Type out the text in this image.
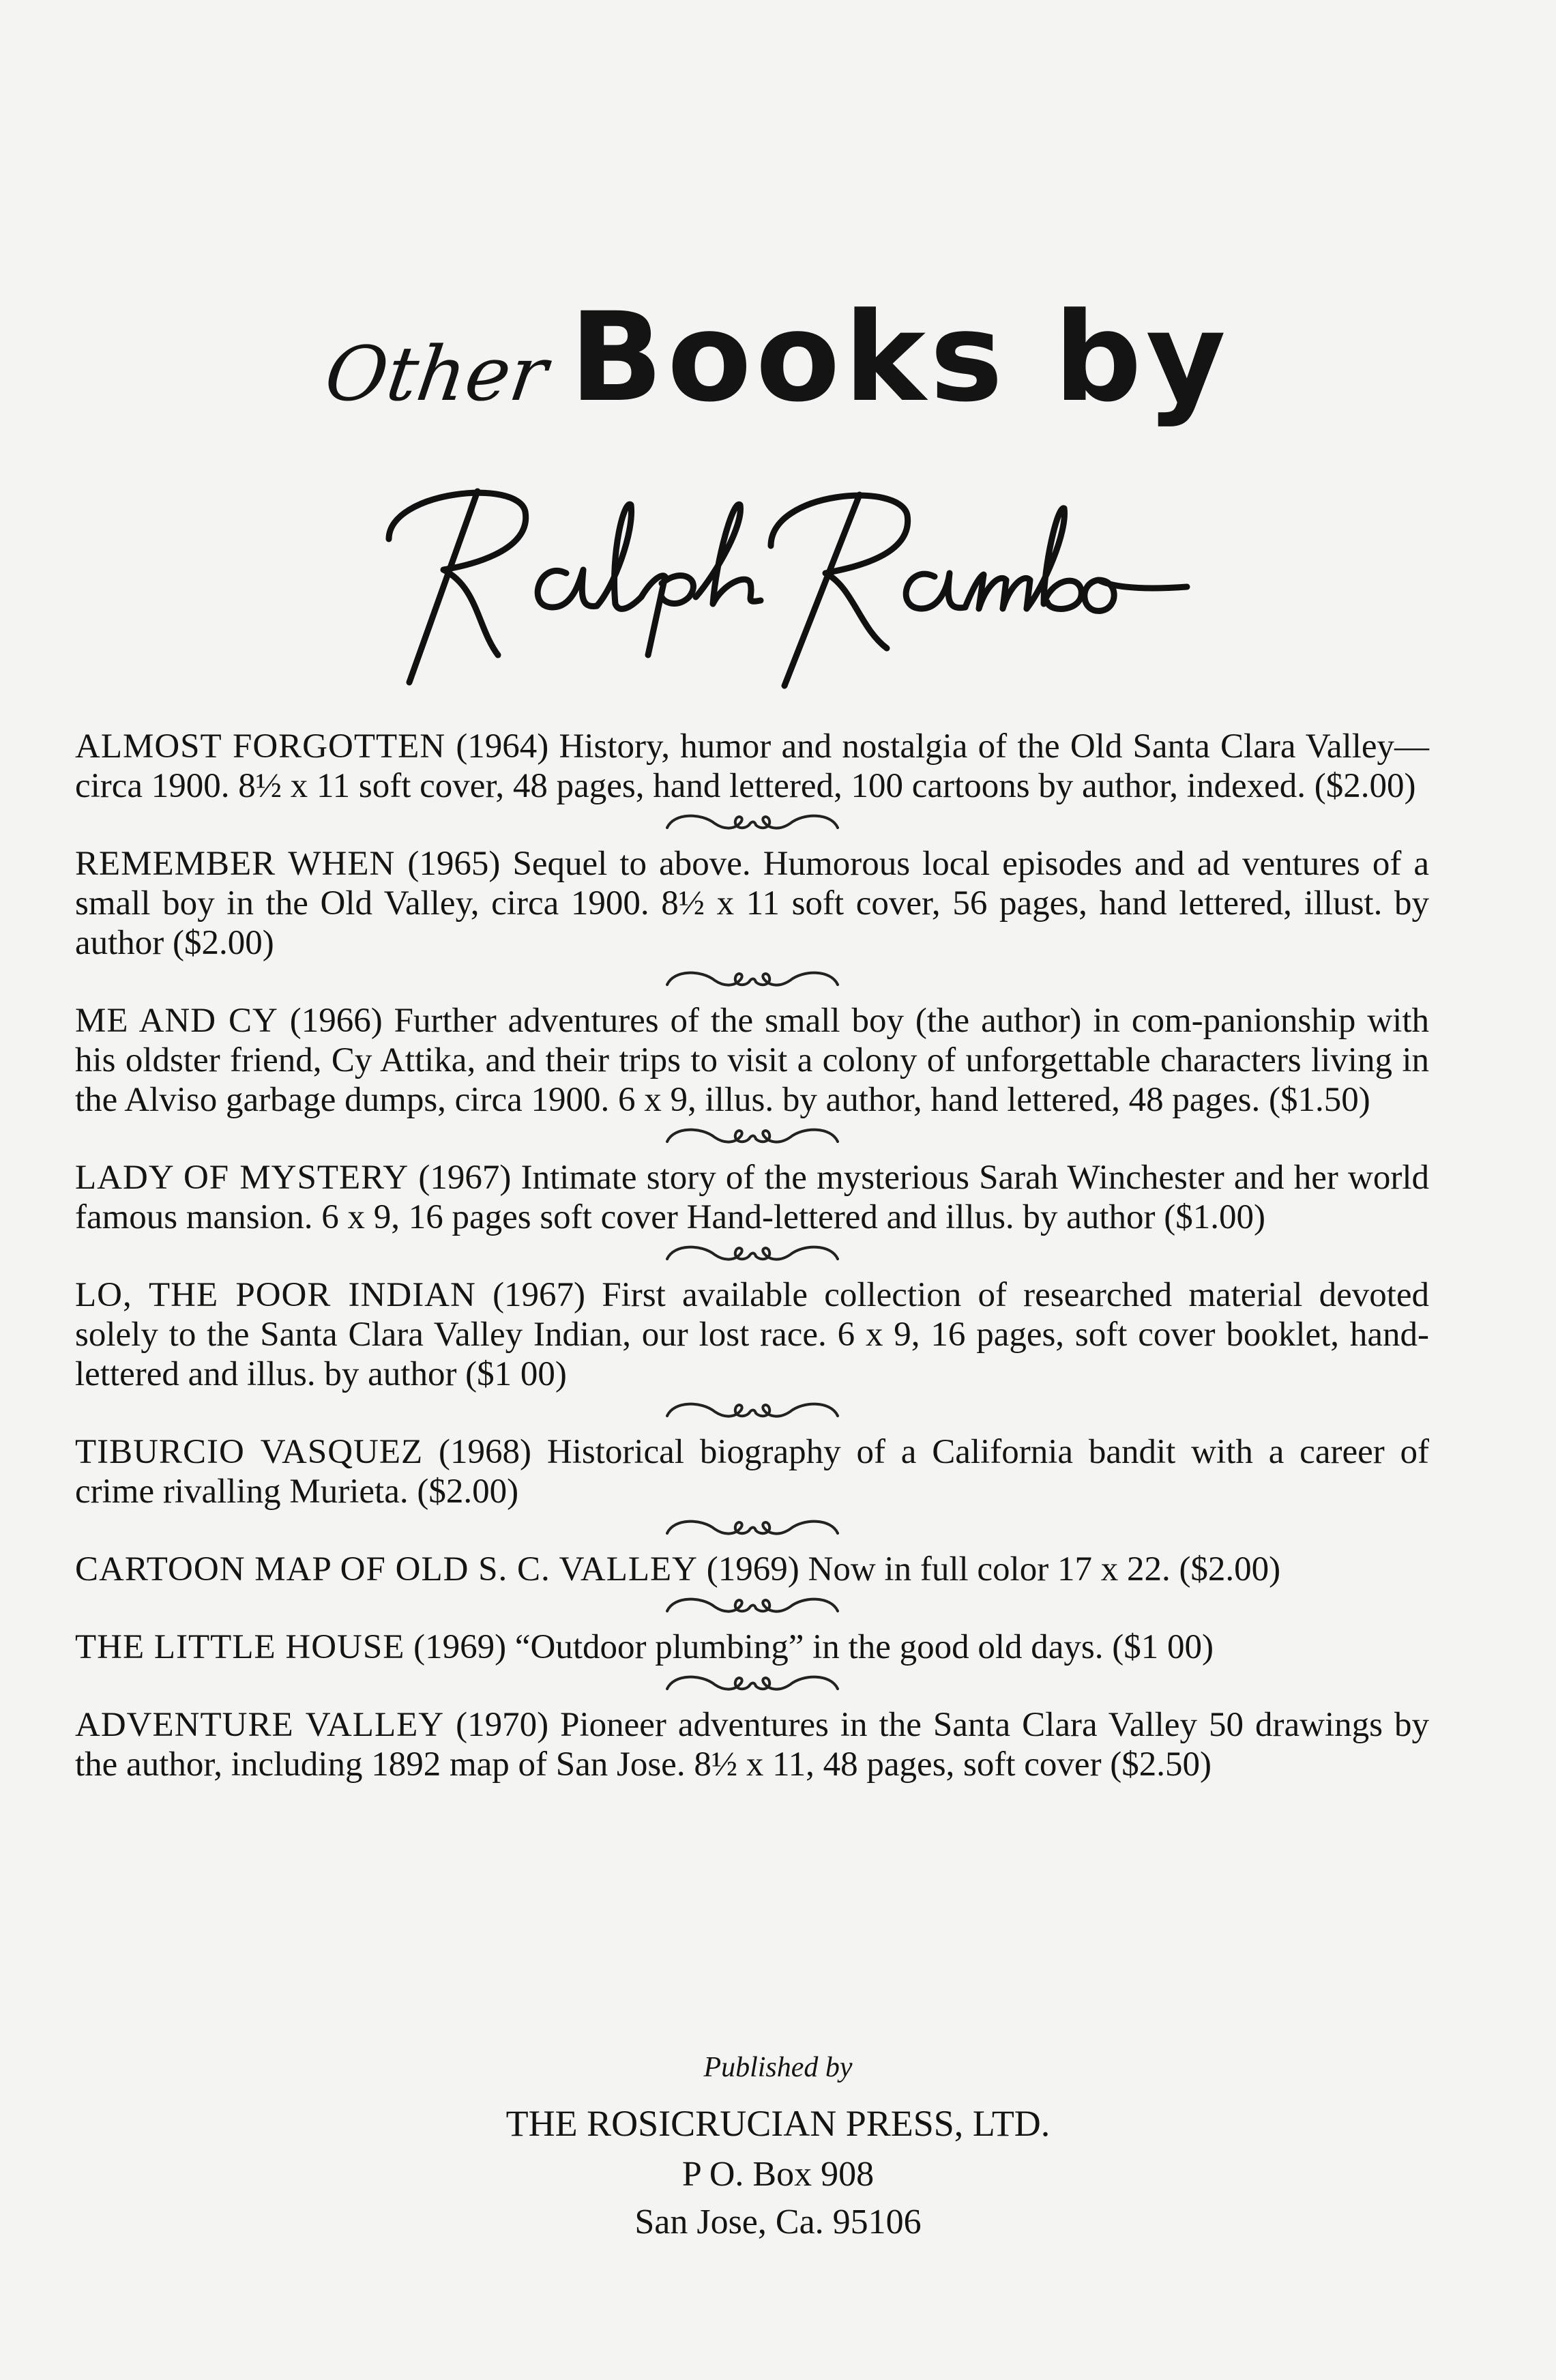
Other Books by
ALMOST FORGOTTEN (1964) History, humor and nostalgia of the Old Santa Clara Valley—circa 1900. 8½ x 11 soft cover, 48 pages, hand lettered, 100 cartoons by author, indexed. ($2.00)
REMEMBER WHEN (1965) Sequel to above. Humorous local episodes and ad ventures of a small boy in the Old Valley, circa 1900. 8½ x 11 soft cover, 56 pages, hand lettered, illust. by author ($2.00)
ME AND CY (1966) Further adventures of the small boy (the author) in com-panionship with his oldster friend, Cy Attika, and their trips to visit a colony of unforgettable characters living in the Alviso garbage dumps, circa 1900. 6 x 9, illus. by author, hand lettered, 48 pages. ($1.50)
LADY OF MYSTERY (1967) Intimate story of the mysterious Sarah Winchester and her world famous mansion. 6 x 9, 16 pages soft cover Hand-lettered and illus. by author ($1.00)
LO, THE POOR INDIAN (1967) First available collection of researched material devoted solely to the Santa Clara Valley Indian, our lost race. 6 x 9, 16 pages, soft cover booklet, hand-lettered and illus. by author ($1 00)
TIBURCIO VASQUEZ (1968) Historical biography of a California bandit with a career of crime rivalling Murieta. ($2.00)
CARTOON MAP OF OLD S. C. VALLEY (1969) Now in full color 17 x 22. ($2.00)
THE LITTLE HOUSE (1969) “Outdoor plumbing” in the good old days. ($1 00)
ADVENTURE VALLEY (1970) Pioneer adventures in the Santa Clara Valley 50 drawings by the author, including 1892 map of San Jose. 8½ x 11, 48 pages, soft cover ($2.50)
Published by
THE ROSICRUCIAN PRESS, LTD.
P O. Box 908
San Jose, Ca. 95106
